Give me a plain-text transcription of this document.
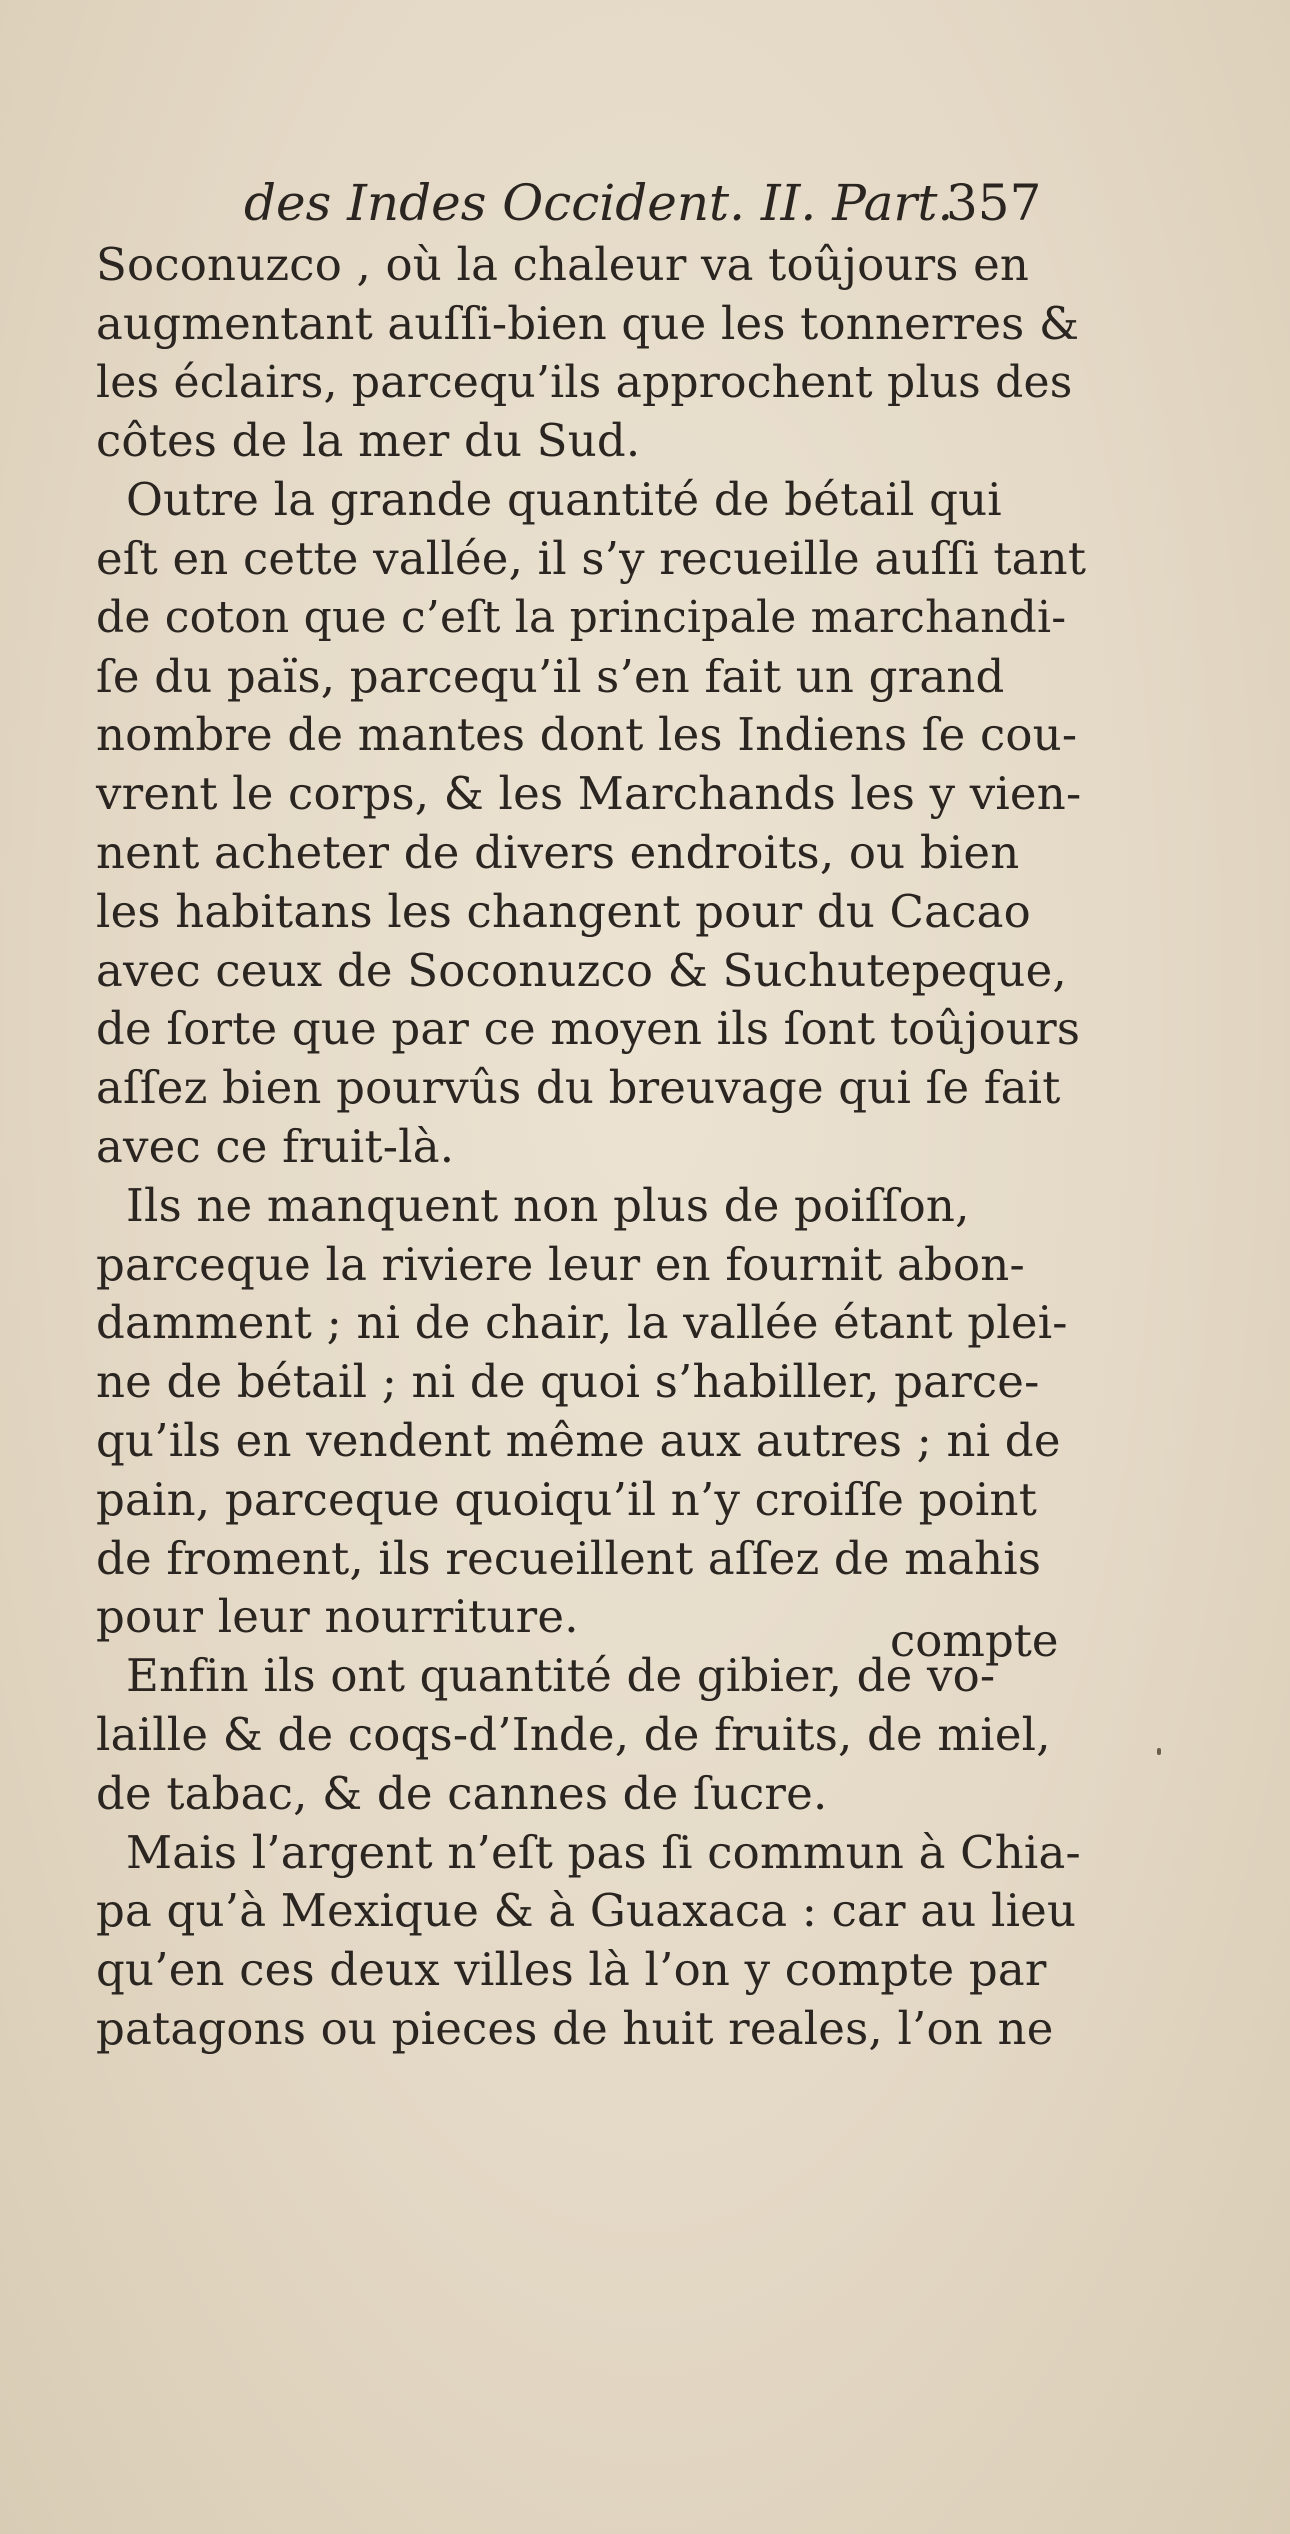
des Indes Occident. II. Part.
357
Soconuzco , où la chaleur va toûjours en
augmentant auſſi-bien que les tonnerres &
les éclairs, parcequ’ils approchent plus des
côtes de la mer du Sud.
Outre la grande quantité de bétail qui
eſt en cette vallée, il s’y recueille auſſi tant
de coton que c’eſt la principale marchandi-
ſe du païs, parcequ’il s’en fait un grand
nombre de mantes dont les Indiens ſe cou-
vrent le corps, & les Marchands les y vien-
nent acheter de divers endroits, ou bien
les habitans les changent pour du Cacao
avec ceux de Soconuzco & Suchutepeque,
de ſorte que par ce moyen ils ſont toûjours
aſſez bien pourvûs du breuvage qui ſe fait
avec ce fruit-là.
Ils ne manquent non plus de poiſſon,
parceque la riviere leur en fournit abon-
damment ; ni de chair, la vallée étant plei-
ne de bétail ; ni de quoi s’habiller, parce-
qu’ils en vendent même aux autres ; ni de
pain, parceque quoiqu’il n’y croiſſe point
de froment, ils recueillent aſſez de mahis
pour leur nourriture.
Enfin ils ont quantité de gibier, de vo-
laille & de coqs-d’Inde, de fruits, de miel,
de tabac, & de cannes de ſucre.
Mais l’argent n’eſt pas ſi commun à Chia-
pa qu’à Mexique & à Guaxaca : car au lieu
qu’en ces deux villes là l’on y compte par
patagons ou pieces de huit reales, l’on ne
compte
